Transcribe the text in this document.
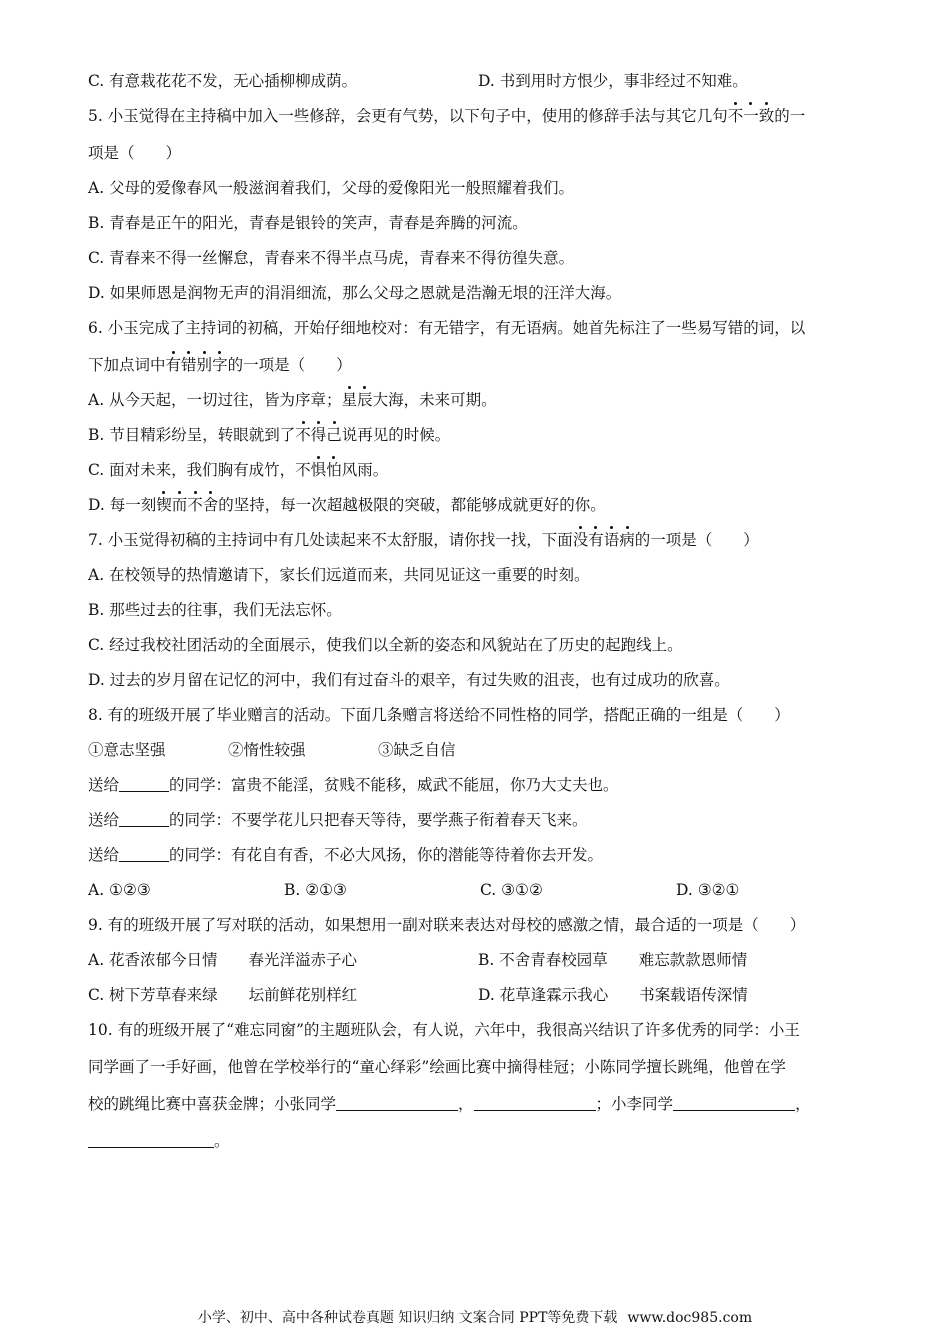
C. 有意栽花花不发，无心插柳柳成荫。	D. 书到用时方恨少，事非经过不知难。
5. 小玉觉得在主持稿中加入一些修辞，会更有气势，以下句子中，使用的修辞手法与其它几句不一致的一
项是（　　）
A. 父母的爱像春风一般滋润着我们，父母的爱像阳光一般照耀着我们。
B. 青春是正午的阳光，青春是银铃的笑声，青春是奔腾的河流。
C. 青春来不得一丝懈怠，青春来不得半点马虎，青春来不得彷徨失意。
D. 如果师恩是润物无声的涓涓细流，那么父母之恩就是浩瀚无垠的汪洋大海。
6. 小玉完成了主持词的初稿，开始仔细地校对：有无错字，有无语病。她首先标注了一些易写错的词，以
下加点词中有错别字的一项是（　　）
A. 从今天起，一切过往，皆为序章；星辰大海，未来可期。
B. 节目精彩纷呈，转眼就到了不得己说再见的时候。
C. 面对未来，我们胸有成竹，不惧怕风雨。
D. 每一刻锲而不舍的坚持，每一次超越极限的突破，都能够成就更好的你。
7. 小玉觉得初稿的主持词中有几处读起来不太舒服，请你找一找，下面没有语病的一项是（　　）
A. 在校领导的热情邀请下，家长们远道而来，共同见证这一重要的时刻。
B. 那些过去的往事，我们无法忘怀。
C. 经过我校社团活动的全面展示，使我们以全新的姿态和风貌站在了历史的起跑线上。
D. 过去的岁月留在记忆的河中，我们有过奋斗的艰辛，有过失败的沮丧，也有过成功的欣喜。
8. 有的班级开展了毕业赠言的活动。下面几条赠言将送给不同性格的同学，搭配正确的一组是（　　）
①意志坚强	②惰性较强	③缺乏自信
送给	的同学：富贵不能淫，贫贱不能移，威武不能屈，你乃大丈夫也。
送给	的同学：不要学花儿只把春天等待，要学燕子衔着春天飞来。
送给	的同学：有花自有香，不必大风扬，你的潜能等待着你去开发。
A. ①②③	B. ②①③	C. ③①②	D. ③②①
9. 有的班级开展了写对联的活动，如果想用一副对联来表达对母校的感激之情，最合适的一项是（　　）
A. 花香浓郁今日情　　春光洋溢赤子心	B. 不舍青春校园草　　难忘款款恩师情
C. 树下芳草春来绿　　坛前鲜花别样红	D. 花草逢霖示我心　　书案载语传深情
10. 有的班级开展了“难忘同窗”的主题班队会，有人说，六年中，我很高兴结识了许多优秀的同学：小王
同学画了一手好画，他曾在学校举行的“童心绎彩”绘画比赛中摘得桂冠；小陈同学擅长跳绳，他曾在学
校的跳绳比赛中喜获金牌；小张同学	，	；小李同学	，
。
小学、初中、高中各种试卷真题 知识归纳 文案合同 PPT等免费下载 www.doc985.com
